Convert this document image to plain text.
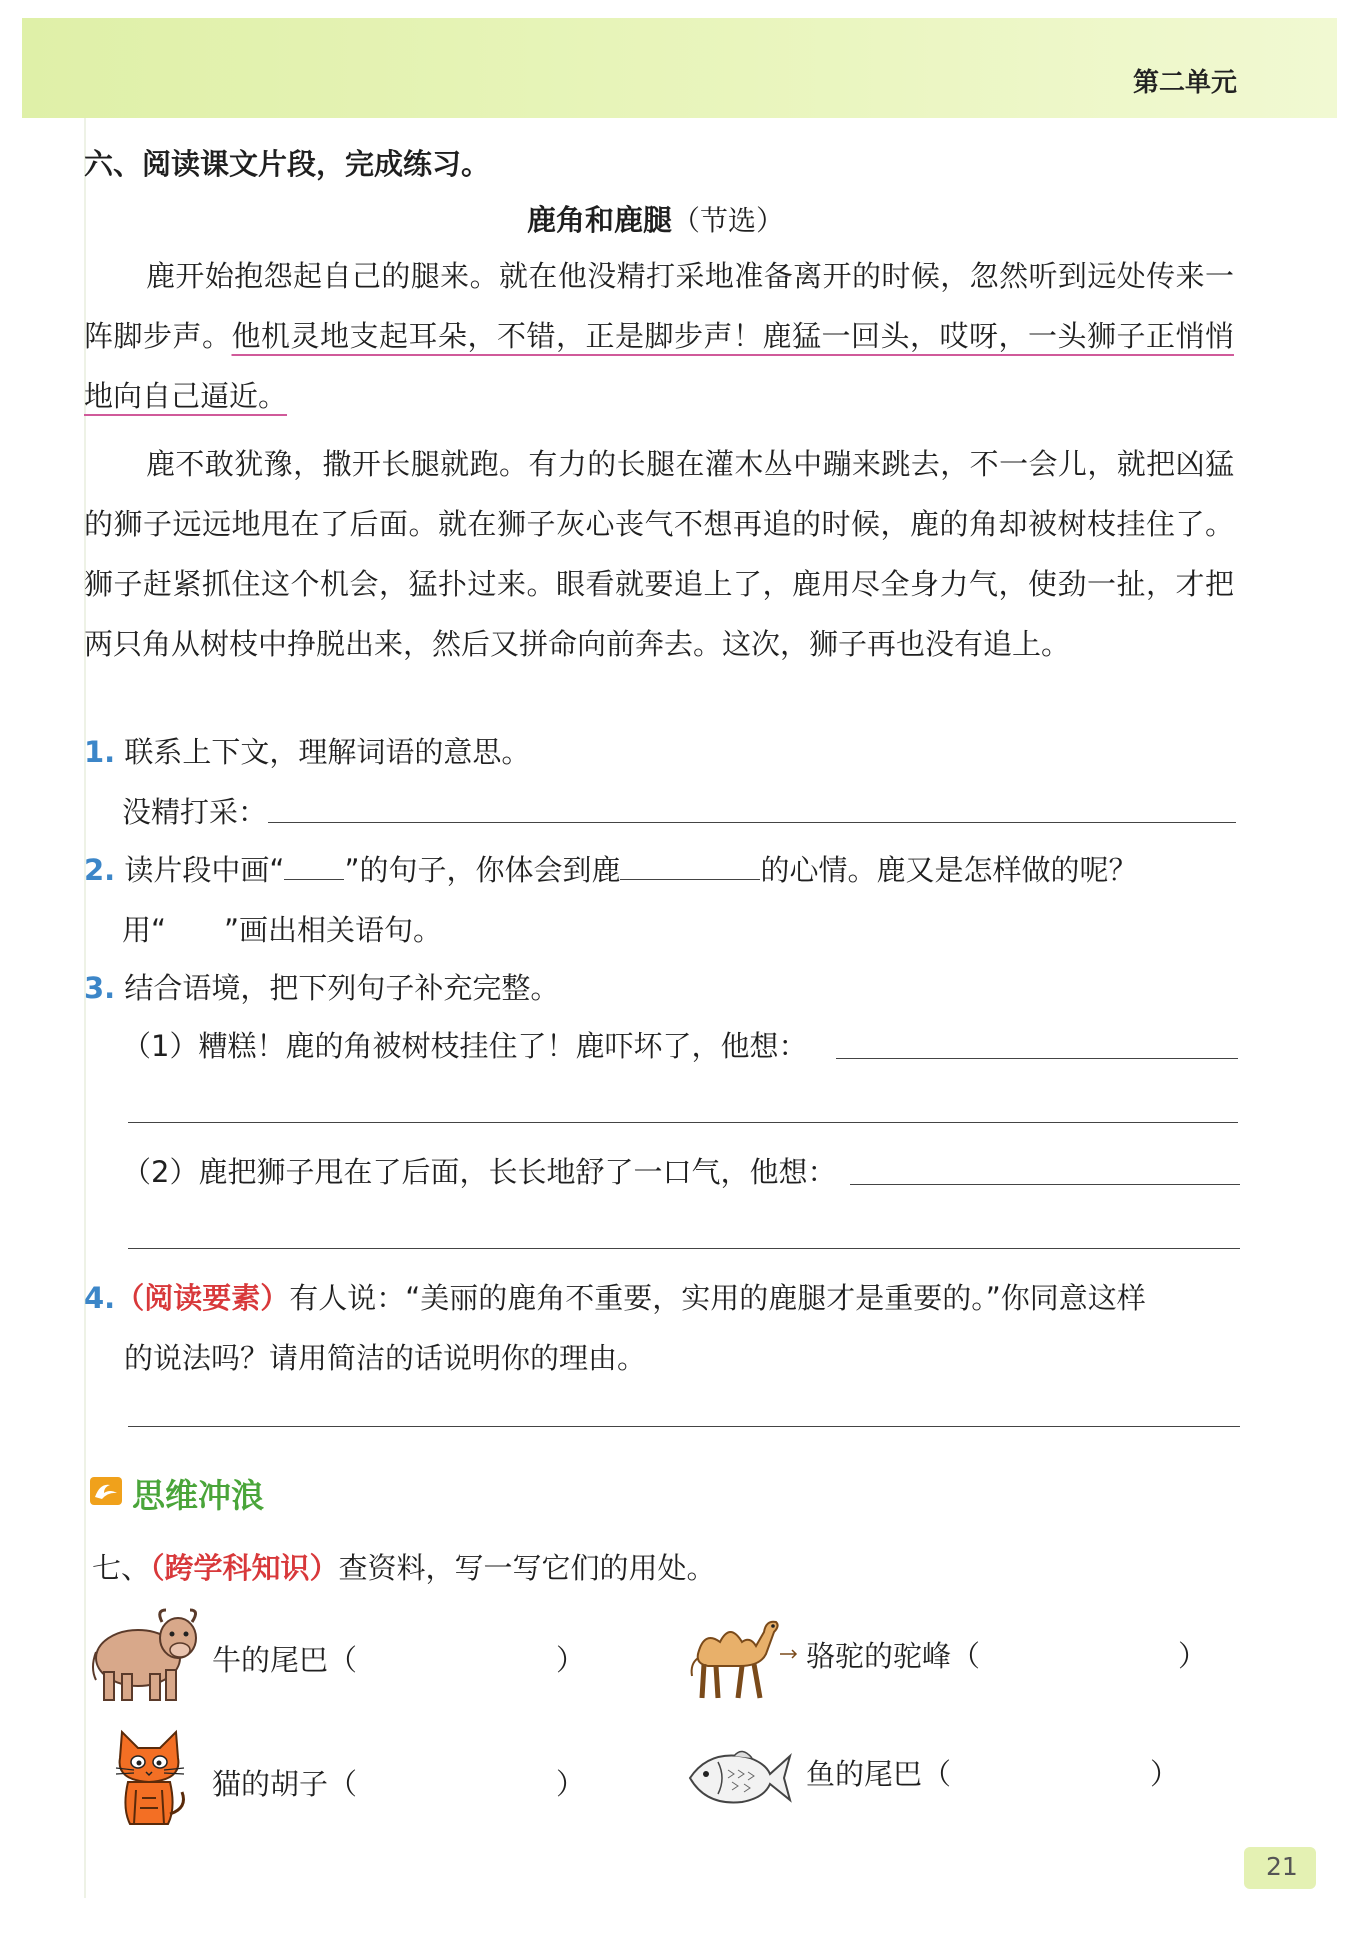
第二单元
六、阅读课文片段，完成练习。
鹿角和鹿腿（节选）

鹿开始抱怨起自己的腿来。就在他没精打采地准备离开的时候，忽然听到远处传来一阵脚步声。他机灵地支起耳朵，不错，正是脚步声！鹿猛一回头，哎呀，一头狮子正悄悄地向自己逼近。

鹿不敢犹豫，撒开长腿就跑。有力的长腿在灌木丛中蹦来跳去，不一会儿，就把凶猛的狮子远远地甩在了后面。就在狮子灰心丧气不想再追的时候，鹿的角却被树枝挂住了。狮子赶紧抓住这个机会，猛扑过来。眼看就要追上了，鹿用尽全身力气，使劲一扯，才把两只角从树枝中挣脱出来，然后又拼命向前奔去。这次，狮子再也没有追上。

1. 联系上下文，理解词语的意思。
没精打采：
2. 读片段中画“ ”的句子，你体会到鹿	的心情。鹿又是怎样做的呢？
用“ ”画出相关语句。
3. 结合语境，把下列句子补充完整。
（1）糟糕！鹿的角被树枝挂住了！鹿吓坏了，他想：
（2）鹿把狮子甩在了后面，长长地舒了一口气，他想：
4.（阅读要素）有人说：“美丽的鹿角不重要，实用的鹿腿才是重要的。”你同意这样
的说法吗？请用简洁的话说明你的理由。
思维冲浪
七、（跨学科知识）查资料，写一写它们的用处。
牛的尾巴（	）	骆驼的驼峰（	）
猫的胡子（	）	鱼的尾巴（	）
21
